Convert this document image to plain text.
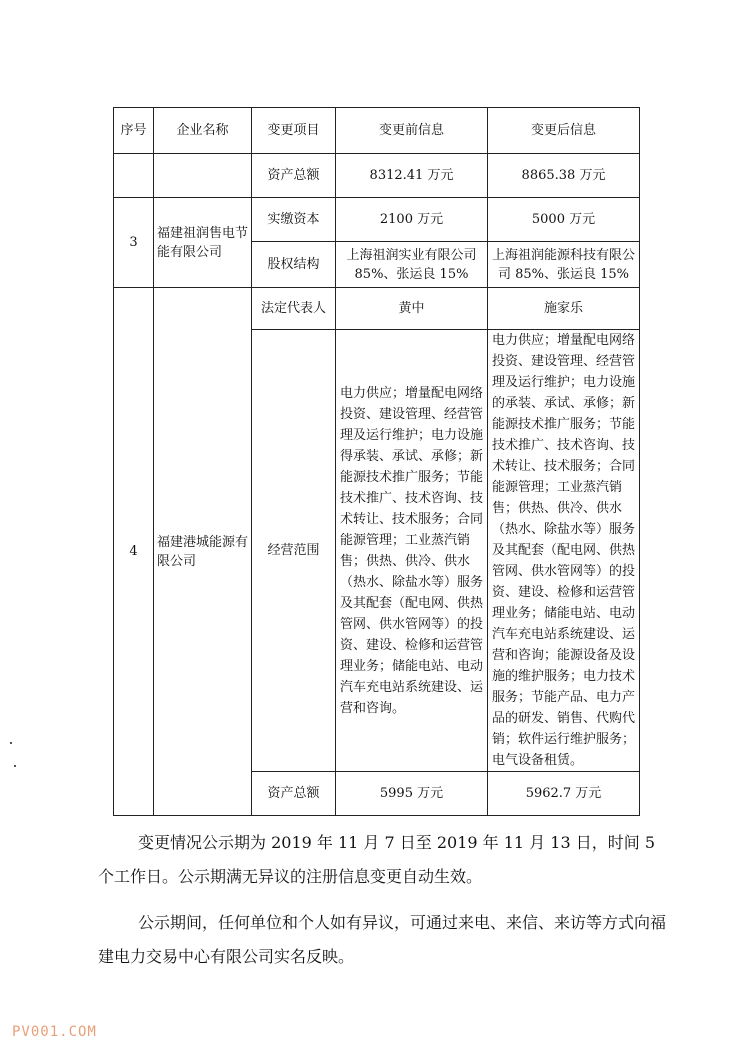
序号	企业名称	变更项目	变更前信息	变更后信息
		资产总额	8312.41 万元	8865.38 万元
3	福建祖润售电节能有限公司	实缴资本	2100 万元	5000 万元
		股权结构	上海祖润实业有限公司 85%、张运良 15%	上海祖润能源科技有限公司 85%、张运良 15%
4	福建港城能源有限公司	法定代表人	黄中	施家乐
		经营范围	电力供应；增量配电网络投资、建设管理、经营管理及运行维护；电力设施得承装、承试、承修；新能源技术推广服务；节能技术推广、技术咨询、技术转让、技术服务；合同能源管理；工业蒸汽销售；供热、供冷、供水（热水、除盐水等）服务及其配套（配电网、供热管网、供水管网等）的投资、建设、检修和运营管理业务；储能电站、电动汽车充电站系统建设、运营和咨询。	电力供应；增量配电网络投资、建设管理、经营管理及运行维护；电力设施的承装、承试、承修；新能源技术推广服务；节能技术推广、技术咨询、技术转让、技术服务；合同能源管理；工业蒸汽销售；供热、供冷、供水（热水、除盐水等）服务及其配套（配电网、供热管网、供水管网等）的投资、建设、检修和运营管理业务；储能电站、电动汽车充电站系统建设、运营和咨询；能源设备及设施的维护服务；电力技术服务；节能产品、电力产品的研发、销售、代购代销；软件运行维护服务；电气设备租赁。
		资产总额	5995 万元	5962.7 万元
变更情况公示期为 2019 年 11 月 7 日至 2019 年 11 月 13 日，时间 5 个工作日。公示期满无异议的注册信息变更自动生效。
公示期间，任何单位和个人如有异议，可通过来电、来信、来访等方式向福建电力交易中心有限公司实名反映。
PV001.COM
